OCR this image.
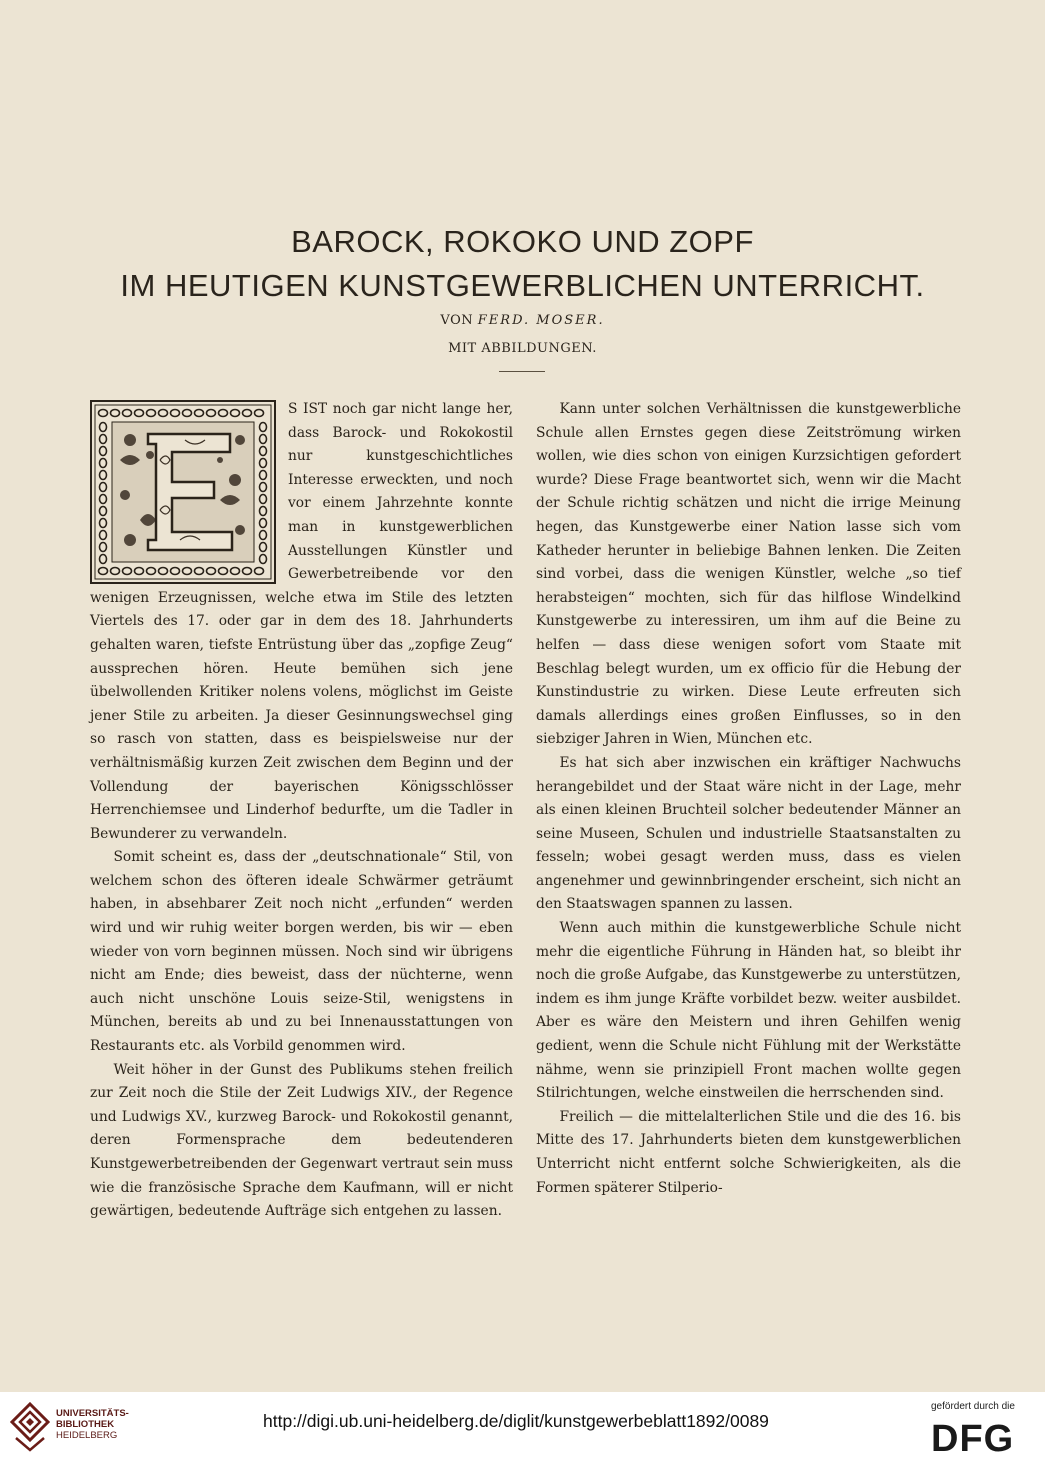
BAROCK, ROKOKO UND ZOPF
IM HEUTIGEN KUNSTGEWERBLICHEN UNTERRICHT.
VON FERD. MOSER.
MIT ABBILDUNGEN.

S IST noch gar nicht lange her, dass Barock- und Rokokostil nur kunstgeschichtliches Interesse erweckten, und noch vor einem Jahrzehnte konnte man in kunstgewerblichen Ausstellungen Künstler und Gewerbetreibende vor den wenigen Erzeugnissen, welche etwa im Stile des letzten Viertels des 17. oder gar in dem des 18. Jahrhunderts gehalten waren, tiefste Entrüstung über das „zopfige Zeug“ aussprechen hören. Heute bemühen sich jene übelwollenden Kritiker nolens volens, möglichst im Geiste jener Stile zu arbeiten. Ja dieser Gesinnungswechsel ging so rasch von statten, dass es beispielsweise nur der verhältnismäßig kurzen Zeit zwischen dem Beginn und der Vollendung der bayerischen Königsschlösser Herrenchiemsee und Linderhof bedurfte, um die Tadler in Bewunderer zu verwandeln.

Somit scheint es, dass der „deutschnationale“ Stil, von welchem schon des öfteren ideale Schwärmer geträumt haben, in absehbarer Zeit noch nicht „erfunden“ werden wird und wir ruhig weiter borgen werden, bis wir — eben wieder von vorn beginnen müssen. Noch sind wir übrigens nicht am Ende; dies beweist, dass der nüchterne, wenn auch nicht unschöne Louis seize-Stil, wenigstens in München, bereits ab und zu bei Innenausstattungen von Restaurants etc. als Vorbild genommen wird.

Weit höher in der Gunst des Publikums stehen freilich zur Zeit noch die Stile der Zeit Ludwigs XIV., der Regence und Ludwigs XV., kurzweg Barock- und Rokokostil genannt, deren Formensprache dem bedeutenderen Kunstgewerbetreibenden der Gegenwart vertraut sein muss wie die französische Sprache dem Kaufmann, will er nicht gewärtigen, bedeutende Aufträge sich entgehen zu lassen.

Kann unter solchen Verhältnissen die kunstgewerbliche Schule allen Ernstes gegen diese Zeitströmung wirken wollen, wie dies schon von einigen Kurzsichtigen gefordert wurde? Diese Frage beantwortet sich, wenn wir die Macht der Schule richtig schätzen und nicht die irrige Meinung hegen, das Kunstgewerbe einer Nation lasse sich vom Katheder herunter in beliebige Bahnen lenken. Die Zeiten sind vorbei, dass die wenigen Künstler, welche „so tief herabsteigen“ mochten, sich für das hilflose Windelkind Kunstgewerbe zu interessiren, um ihm auf die Beine zu helfen — dass diese wenigen sofort vom Staate mit Beschlag belegt wurden, um ex officio für die Hebung der Kunstindustrie zu wirken. Diese Leute erfreuten sich damals allerdings eines großen Einflusses, so in den siebziger Jahren in Wien, München etc.

Es hat sich aber inzwischen ein kräftiger Nachwuchs herangebildet und der Staat wäre nicht in der Lage, mehr als einen kleinen Bruchteil solcher bedeutender Männer an seine Museen, Schulen und industrielle Staatsanstalten zu fesseln; wobei gesagt werden muss, dass es vielen angenehmer und gewinnbringender erscheint, sich nicht an den Staatswagen spannen zu lassen.

Wenn auch mithin die kunstgewerbliche Schule nicht mehr die eigentliche Führung in Händen hat, so bleibt ihr noch die große Aufgabe, das Kunstgewerbe zu unterstützen, indem es ihm junge Kräfte vorbildet bezw. weiter ausbildet. Aber es wäre den Meistern und ihren Gehilfen wenig gedient, wenn die Schule nicht Fühlung mit der Werkstätte nähme, wenn sie prinzipiell Front machen wollte gegen Stilrichtungen, welche einstweilen die herrschenden sind.

Freilich — die mittelalterlichen Stile und die des 16. bis Mitte des 17. Jahrhunderts bieten dem kunstgewerblichen Unterricht nicht entfernt solche Schwierigkeiten, als die Formen späterer Stilperio-

UNIVERSITÄTS-
BIBLIOTHEK
HEIDELBERG
http://digi.ub.uni-heidelberg.de/diglit/kunstgewerbeblatt1892/0089
gefördert durch die
DFG
